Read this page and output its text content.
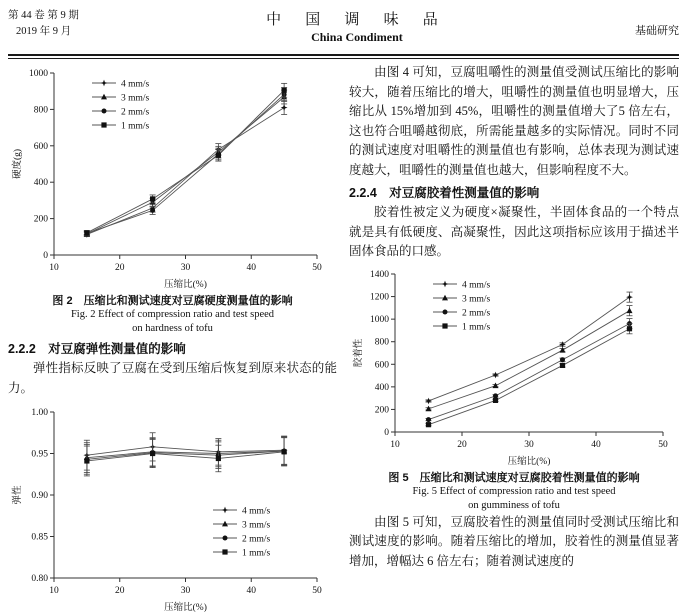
第 44 卷 第 9 期
2019 年 9 月
中 国 调 味 品
China Condiment	基础研究
0
200
400
600
800
1000
10	20	30	40	50
压缩比(%)
硬度(g)
4 mm/s
3 mm/s
2 mm/s
1 mm/s
图 2　压缩比和测试速度对豆腐硬度测量值的影响
Fig. 2 Effect of compression ratio and test speed
on hardness of tofu
2.2.2　对豆腐弹性测量值的影响

弹性指标反映了豆腐在受到压缩后恢复到原来状态的能力。

0.80
0.85
0.90
0.95
1.00
10	20	30	40	50
压缩比(%)
弹性
4 mm/s
3 mm/s
2 mm/s
1 mm/s

由图 4 可知，豆腐咀嚼性的测量值受测试压缩比的影响较大，随着压缩比的增大，咀嚼性的测量值也明显增大，压缩比从 15%增加到 45%，咀嚼性的测量值增大了5 倍左右，这也符合咀嚼越彻底，所需能量越多的实际情况。同时不同的测试速度对咀嚼性的测量值也有影响，总体表现为测试速度越大，咀嚼性的测量值也越大，但影响程度不大。

2.2.4　对豆腐胶着性测量值的影响

胶着性被定义为硬度×凝聚性，半固体食品的一个特点就是具有低硬度、高凝聚性，因此这项指标应该用于描述半固体食品的口感。

0
200
400
600
800
1000
1200
1400
10	20	30	40	50
压缩比(%)
胶着性
4 mm/s
3 mm/s
2 mm/s
1 mm/s
图 5　压缩比和测试速度对豆腐胶着性测量值的影响
Fig. 5 Effect of compression ratio and test speed
on gumminess of tofu

由图 5 可知，豆腐胶着性的测量值同时受测试压缩比和测试速度的影响。随着压缩比的增加，胶着性的测量值显著增加，增幅达 6 倍左右；随着测试速度的
